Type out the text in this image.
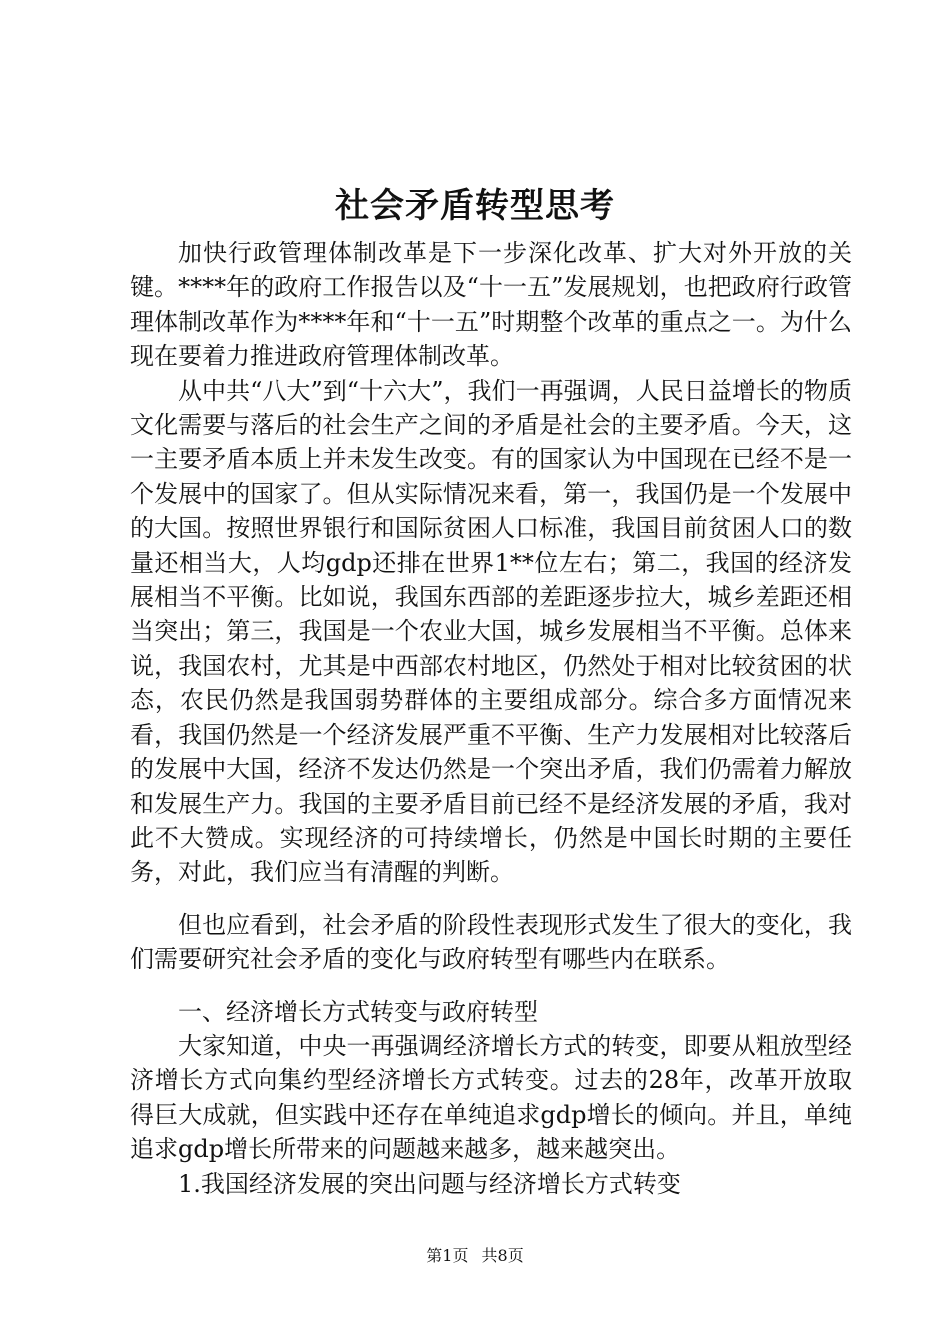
社会矛盾转型思考

加快行政管理体制改革是下一步深化改革、扩大对外开放的关键。****年的政府工作报告以及“十一五”发展规划，也把政府行政管理体制改革作为****年和“十一五”时期整个改革的重点之一。为什么现在要着力推进政府管理体制改革。

从中共“八大”到“十六大”，我们一再强调，人民日益增长的物质文化需要与落后的社会生产之间的矛盾是社会的主要矛盾。今天，这一主要矛盾本质上并未发生改变。有的国家认为中国现在已经不是一个发展中的国家了。但从实际情况来看，第一，我国仍是一个发展中的大国。按照世界银行和国际贫困人口标准，我国目前贫困人口的数量还相当大，人均gdp还排在世界1**位左右；第二，我国的经济发展相当不平衡。比如说，我国东西部的差距逐步拉大，城乡差距还相当突出；第三，我国是一个农业大国，城乡发展相当不平衡。总体来说，我国农村，尤其是中西部农村地区，仍然处于相对比较贫困的状态，农民仍然是我国弱势群体的主要组成部分。综合多方面情况来看，我国仍然是一个经济发展严重不平衡、生产力发展相对比较落后的发展中大国，经济不发达仍然是一个突出矛盾，我们仍需着力解放和发展生产力。我国的主要矛盾目前已经不是经济发展的矛盾，我对此不大赞成。实现经济的可持续增长，仍然是中国长时期的主要任务，对此，我们应当有清醒的判断。

但也应看到，社会矛盾的阶段性表现形式发生了很大的变化，我们需要研究社会矛盾的变化与政府转型有哪些内在联系。

一、经济增长方式转变与政府转型

大家知道，中央一再强调经济增长方式的转变，即要从粗放型经济增长方式向集约型经济增长方式转变。过去的28年，改革开放取得巨大成就，但实践中还存在单纯追求gdp增长的倾向。并且，单纯追求gdp增长所带来的问题越来越多，越来越突出。

1.我国经济发展的突出问题与经济增长方式转变

第1页 共8页
